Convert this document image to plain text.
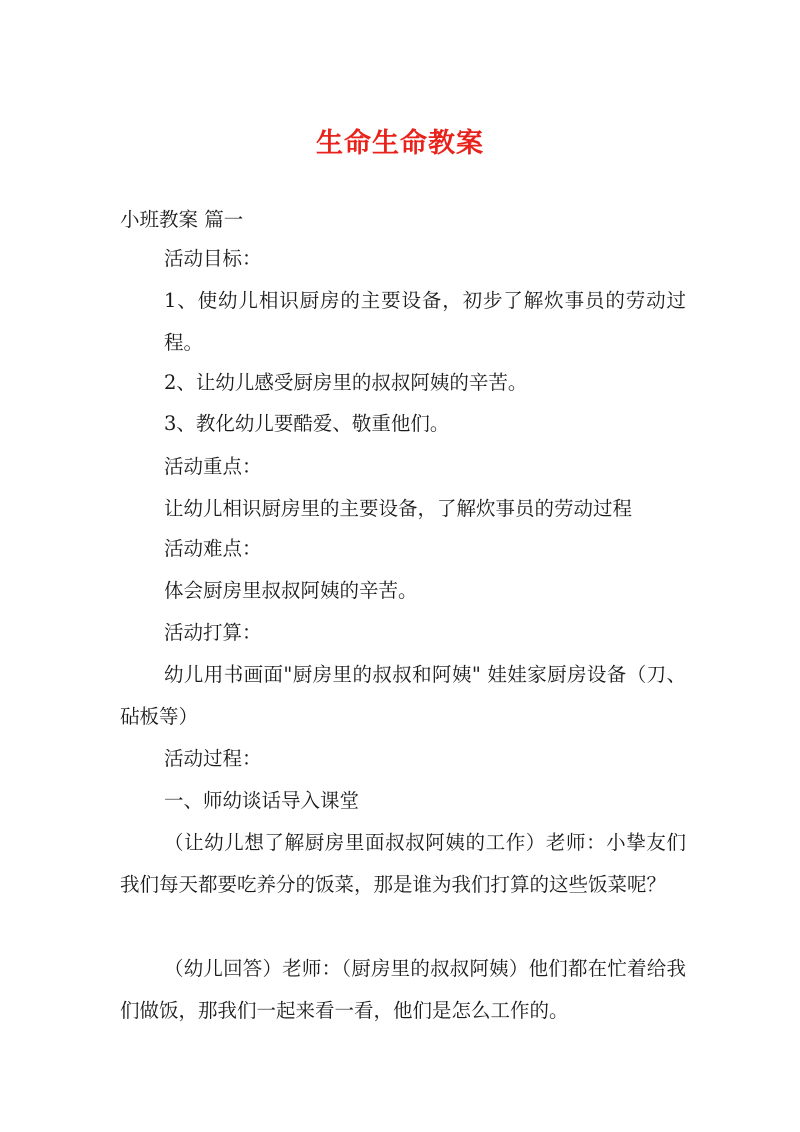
生命生命教案
小班教案 篇一
活动目标：
1、使幼儿相识厨房的主要设备，初步了解炊事员的劳动过程。
2、让幼儿感受厨房里的叔叔阿姨的辛苦。
3、教化幼儿要酷爱、敬重他们。
活动重点：
让幼儿相识厨房里的主要设备，了解炊事员的劳动过程
活动难点：
体会厨房里叔叔阿姨的辛苦。
活动打算：
幼儿用书画面"厨房里的叔叔和阿姨" 娃娃家厨房设备（刀、砧板等）
活动过程：
一、师幼谈话导入课堂
（让幼儿想了解厨房里面叔叔阿姨的工作）老师：小挚友们我们每天都要吃养分的饭菜，那是谁为我们打算的这些饭菜呢？
（幼儿回答）老师：（厨房里的叔叔阿姨）他们都在忙着给我们做饭，那我们一起来看一看，他们是怎么工作的。
